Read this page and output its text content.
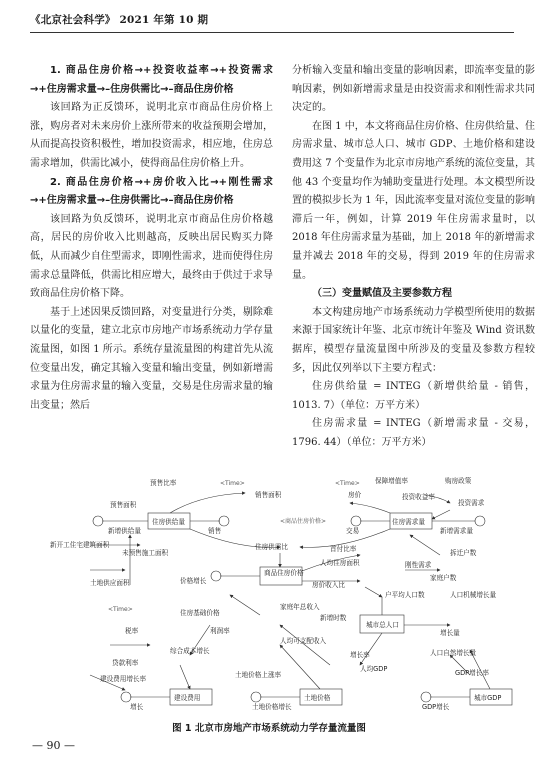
《北京社会科学》 2021 年第 10 期

1. 商品住房价格→+投资收益率→+投资需求→+住房需求量→–住房供需比→–商品住房价格

该回路为正反馈环，说明北京市商品住房价格上涨，购房者对未来房价上涨所带来的收益预期会增加，从而提高投资积极性，增加投资需求，相应地，住房总需求增加，供需比减小，使得商品住房价格上升。

2. 商品住房价格→+房价收入比→+刚性需求→+住房需求量→–住房供需比→–商品住房价格

该回路为负反馈环，说明北京市商品住房价格越高，居民的房价收入比则越高，反映出居民购买力降低，从而减少自住型需求，即刚性需求，进而使得住房需求总量降低，供需比相应增大，最终由于供过于求导致商品住房价格下降。

基于上述因果反馈回路，对变量进行分类，剔除难以量化的变量，建立北京市房地产市场系统动力学存量流量图，如图 1 所示。系统存量流量图的构建首先从流位变量出发，确定其输入变量和输出变量，例如新增需求量为住房需求量的输入变量，交易是住房需求量的输出变量；然后

分析输入变量和输出变量的影响因素，即流率变量的影响因素，例如新增需求量是由投资需求和刚性需求共同决定的。

在图 1 中，本文将商品住房价格、住房供给量、住房需求量、城市总人口、城市 GDP、土地价格和建设费用这 7 个变量作为北京市房地产系统的流位变量，其他 43 个变量均作为辅助变量进行处理。本文模型所设置的模拟步长为 1 年，因此流率变量对流位变量的影响滞后一年，例如，计算 2019 年住房需求量时，以 2018 年住房需求量为基础，加上 2018 年的新增需求量并减去 2018 年的交易，得到 2019 年的住房需求量。

（三）变量赋值及主要参数方程

本文构建房地产市场系统动力学模型所使用的数据来源于国家统计年鉴、北京市统计年鉴及 Wind 资讯数据库，模型存量流量图中所涉及的变量及参数方程较多，因此仅列举以下主要方程式：

住房供给量 = INTEG（新增供给量 - 销售，1013. 7）（单位：万平方米）

住房需求量 = INTEG（新增需求量 - 交易，1796. 44）（单位：万平方米）

预售比率	<Time>
销售面积
<Time> 保障增值率	购房政策
房价	投资收益率
投资需求
预售面积
新增供给量
住房供给量
销售
<商品住房价格>
交易
住房需求量
新增需求量
新开工住宅建筑面积
未预售施工面积
住房供需比	首付比率
人均住房面积	刚性需求
拆迁户数
家庭户数
土地供应面积	价格增长
商品住房价格
房价收入比
户平均人口数	人口机械增长量
<Time>	住房基础价格
家庭年总收入
新增时数
城市总人口
增长量
税率	利润率
人均可支配收入
贷款利率
综合成本增长	增长率
建设费用增长率
人均GDP
人口自然增长量
土地价格上涨率	GDP增长率
增长
建设费用	土地价格
土地价格增长
城市GDP
GDP增长
图 1 北京市房地产市场系统动力学存量流量图
— 90 —
